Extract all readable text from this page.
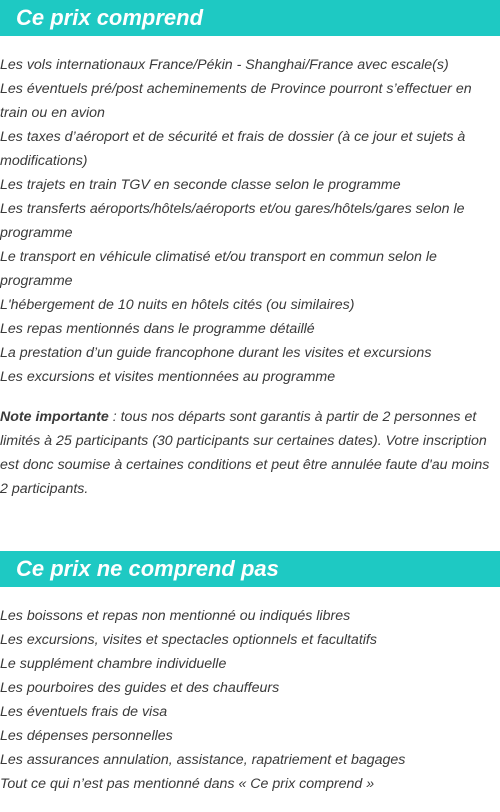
Ce prix comprend
Les vols internationaux France/Pékin - Shanghai/France avec escale(s)
Les éventuels pré/post acheminements de Province pourront s’effectuer en train ou en avion
Les taxes d’aéroport et de sécurité et frais de dossier (à ce jour et sujets à modifications)
Les trajets en train TGV en seconde classe selon le programme
Les transferts aéroports/hôtels/aéroports et/ou gares/hôtels/gares selon le programme
Le transport en véhicule climatisé et/ou transport en commun selon le programme
L'hébergement de 10 nuits en hôtels cités (ou similaires)
Les repas mentionnés dans le programme détaillé
La prestation d’un guide francophone durant les visites et excursions
Les excursions et visites mentionnées au programme

Note importante : tous nos départs sont garantis à partir de 2 personnes et limités à 25 participants (30 participants sur certaines dates). Votre inscription est donc soumise à certaines conditions et peut être annulée faute d'au moins 2 participants.

Ce prix ne comprend pas
Les boissons et repas non mentionné ou indiqués libres
Les excursions, visites et spectacles optionnels et facultatifs
Le supplément chambre individuelle
Les pourboires des guides et des chauffeurs
Les éventuels frais de visa
Les dépenses personnelles
Les assurances annulation, assistance, rapatriement et bagages
Tout ce qui n’est pas mentionné dans « Ce prix comprend »
